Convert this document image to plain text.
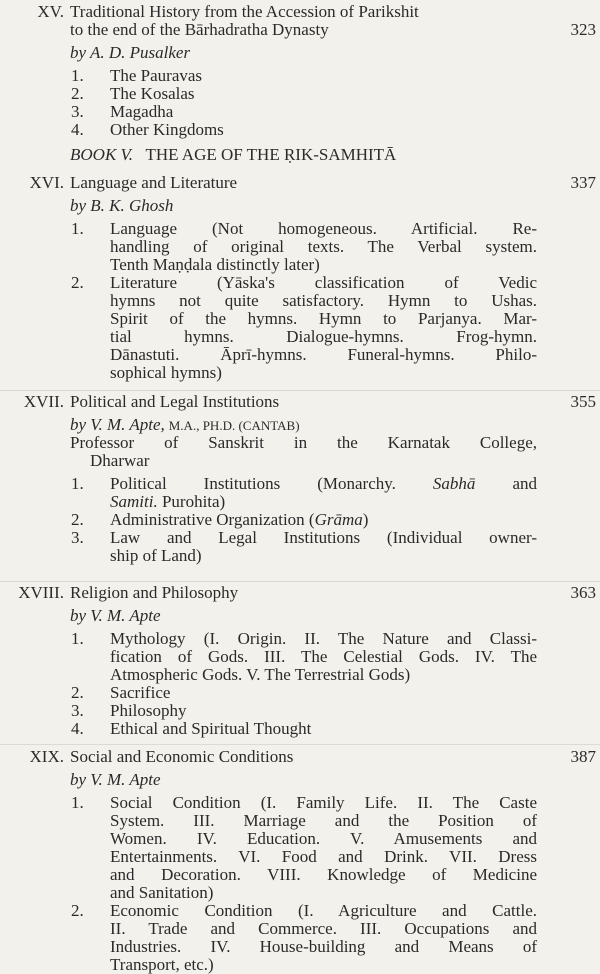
BOOK V. THE AGE OF THE ṚIK-SAMHITĀ
XV. Traditional History from the Accession of Parikshit
to the end of the Bārhadratha Dynasty	323
by A. D. Pusalker
1. The Pauravas
2. The Kosalas
3. Magadha
4. Other Kingdoms
XVI. Language and Literature	337
by B. K. Ghosh
1. Language (Not homogeneous. Artificial. Re-
handling of original texts. The Verbal system.
Tenth Maṇḍala distinctly later)
2. Literature (Yāska's classification of Vedic
hymns not quite satisfactory. Hymn to Ushas.
Spirit of the hymns. Hymn to Parjanya. Mar-
tial hymns. Dialogue-hymns. Frog-hymn.
Dānastuti. Āprī-hymns. Funeral-hymns. Philo-
sophical hymns)
XVII. Political and Legal Institutions	355
by V. M. Apte, M.A., PH.D. (CANTAB)
Professor of Sanskrit in the Karnatak College,
Dharwar
1. Political Institutions (Monarchy. Sabhā and
Samiti. Purohita)
2. Administrative Organization (Grāma)
3. Law and Legal Institutions (Individual owner-
ship of Land)
XVIII. Religion and Philosophy	363
by V. M. Apte
1. Mythology (I. Origin. II. The Nature and Classi-
fication of Gods. III. The Celestial Gods. IV. The
Atmospheric Gods. V. The Terrestrial Gods)
2. Sacrifice
3. Philosophy
4. Ethical and Spiritual Thought
XIX. Social and Economic Conditions	387
by V. M. Apte
1. Social Condition (I. Family Life. II. The Caste
System. III. Marriage and the Position of
Women. IV. Education. V. Amusements and
Entertainments. VI. Food and Drink. VII. Dress
and Decoration. VIII. Knowledge of Medicine
and Sanitation)
2. Economic Condition (I. Agriculture and Cattle.
II. Trade and Commerce. III. Occupations and
Industries. IV. House-building and Means of
Transport, etc.)
